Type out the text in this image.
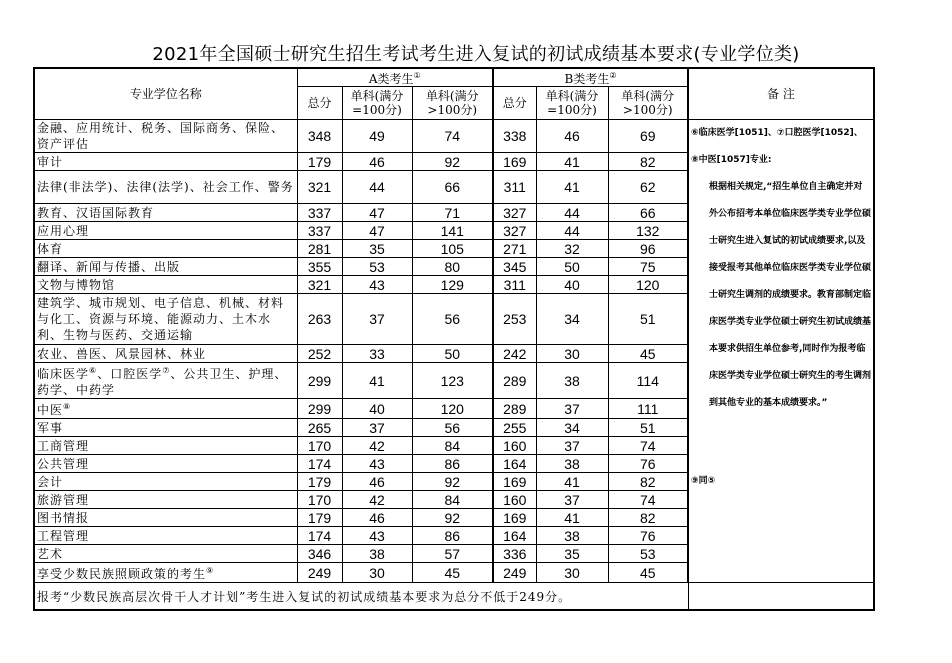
2021年全国硕士研究生招生考试考生进入复试的初试成绩基本要求(专业学位类)
专业学位名称	A类考生①			B类考生②			备 注
	总分	单科(满分=100分)	单科(满分>100分)	总分	单科(满分=100分)	单科(满分>100分)	
金融、应用统计、税务、国际商务、保险、资产评估	348	49	74	338	46	69	⑥临床医学[1051]、⑦口腔医学[1052]、

⑧中医[1057]专业:

根据相关规定,“招生单位自主确定并对外公布招考本单位临床医学类专业学位硕士研究生进入复试的初试成绩要求,以及接受报考其他单位临床医学类专业学位硕士研究生调剂的成绩要求。教育部制定临床医学类专业学位硕士研究生初试成绩基本要求供招生单位参考,同时作为报考临床医学类专业学位硕士研究生的考生调剂到其他专业的基本成绩要求。”

⑨同⑤

审计	179	46	92	169	41	82	
法律(非法学)、法律(法学)、社会工作、警务	321	44	66	311	41	62	
教育、汉语国际教育	337	47	71	327	44	66	
应用心理	337	47	141	327	44	132	
体育	281	35	105	271	32	96	
翻译、新闻与传播、出版	355	53	80	345	50	75	
文物与博物馆	321	43	129	311	40	120	
建筑学、城市规划、电子信息、机械、材料与化工、资源与环境、能源动力、土木水利、生物与医药、交通运输	263	37	56	253	34	51	
农业、兽医、风景园林、林业	252	33	50	242	30	45	
临床医学⑥、口腔医学⑦、公共卫生、护理、药学、中药学	299	41	123	289	38	114	
中医⑧	299	40	120	289	37	111	
军事	265	37	56	255	34	51	
工商管理	170	42	84	160	37	74	
公共管理	174	43	86	164	38	76	
会计	179	46	92	169	41	82	
旅游管理	170	42	84	160	37	74	
图书情报	179	46	92	169	41	82	
工程管理	174	43	86	164	38	76	
艺术	346	38	57	336	35	53	
享受少数民族照顾政策的考生⑨	249	30	45	249	30	45	
报考“少数民族高层次骨干人才计划”考生进入复试的初试成绩基本要求为总分不低于249分。							
